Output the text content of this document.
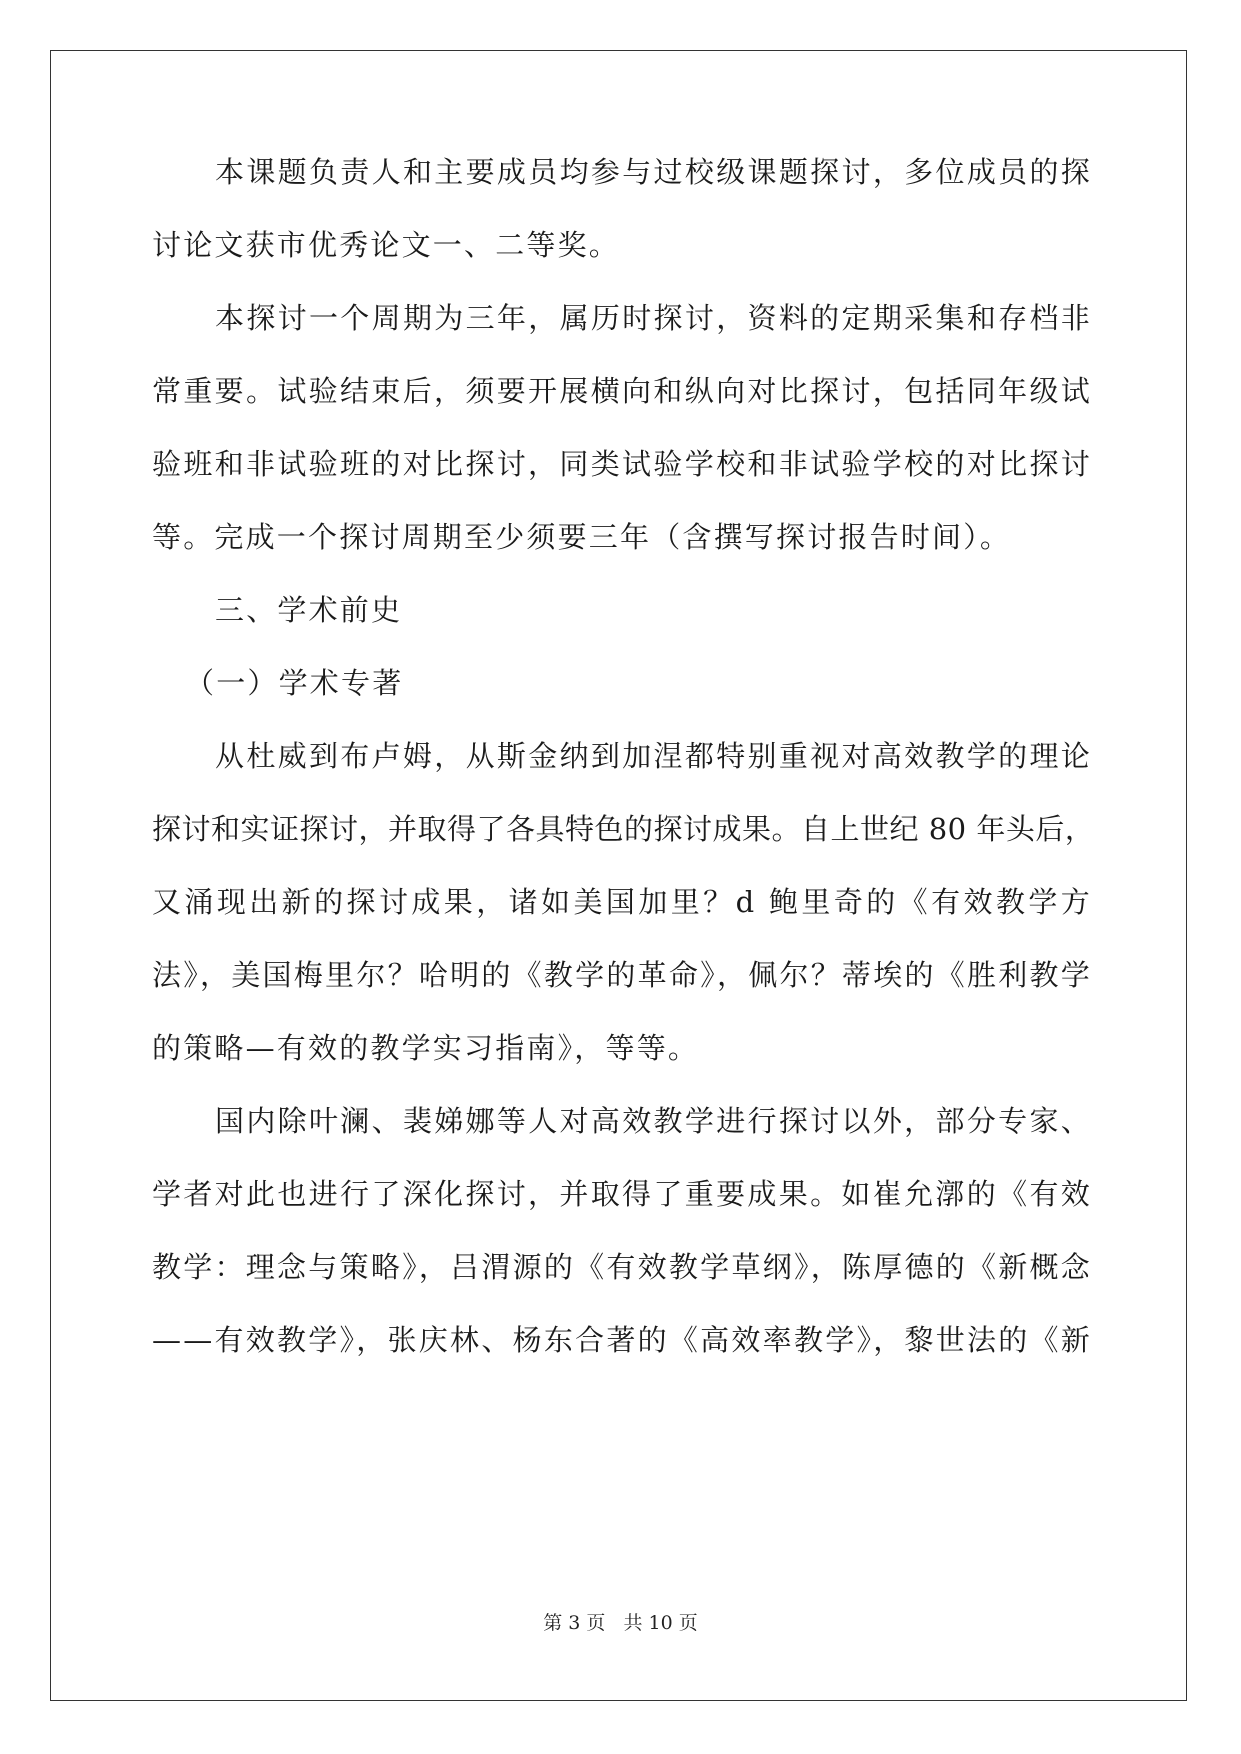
本课题负责人和主要成员均参与过校级课题探讨，多位成员的探
讨论文获市优秀论文一、二等奖。
本探讨一个周期为三年，属历时探讨，资料的定期采集和存档非
常重要。试验结束后，须要开展横向和纵向对比探讨，包括同年级试
验班和非试验班的对比探讨，同类试验学校和非试验学校的对比探讨
等。完成一个探讨周期至少须要三年（含撰写探讨报告时间）。
三、学术前史
（一）学术专著
从杜威到布卢姆，从斯金纳到加涅都特别重视对高效教学的理论
探讨和实证探讨，并取得了各具特色的探讨成果。自上世纪 80 年头后，
又涌现出新的探讨成果，诸如美国加里？d 鲍里奇的《有效教学方
法》，美国梅里尔？哈明的《教学的革命》，佩尔？蒂埃的《胜利教学
的策略—有效的教学实习指南》，等等。
国内除叶澜、裴娣娜等人对高效教学进行探讨以外，部分专家、
学者对此也进行了深化探讨，并取得了重要成果。如崔允漷的《有效
教学：理念与策略》，吕渭源的《有效教学草纲》，陈厚德的《新概念
——有效教学》，张庆林、杨东合著的《高效率教学》，黎世法的《新
第 3 页 共 10 页
